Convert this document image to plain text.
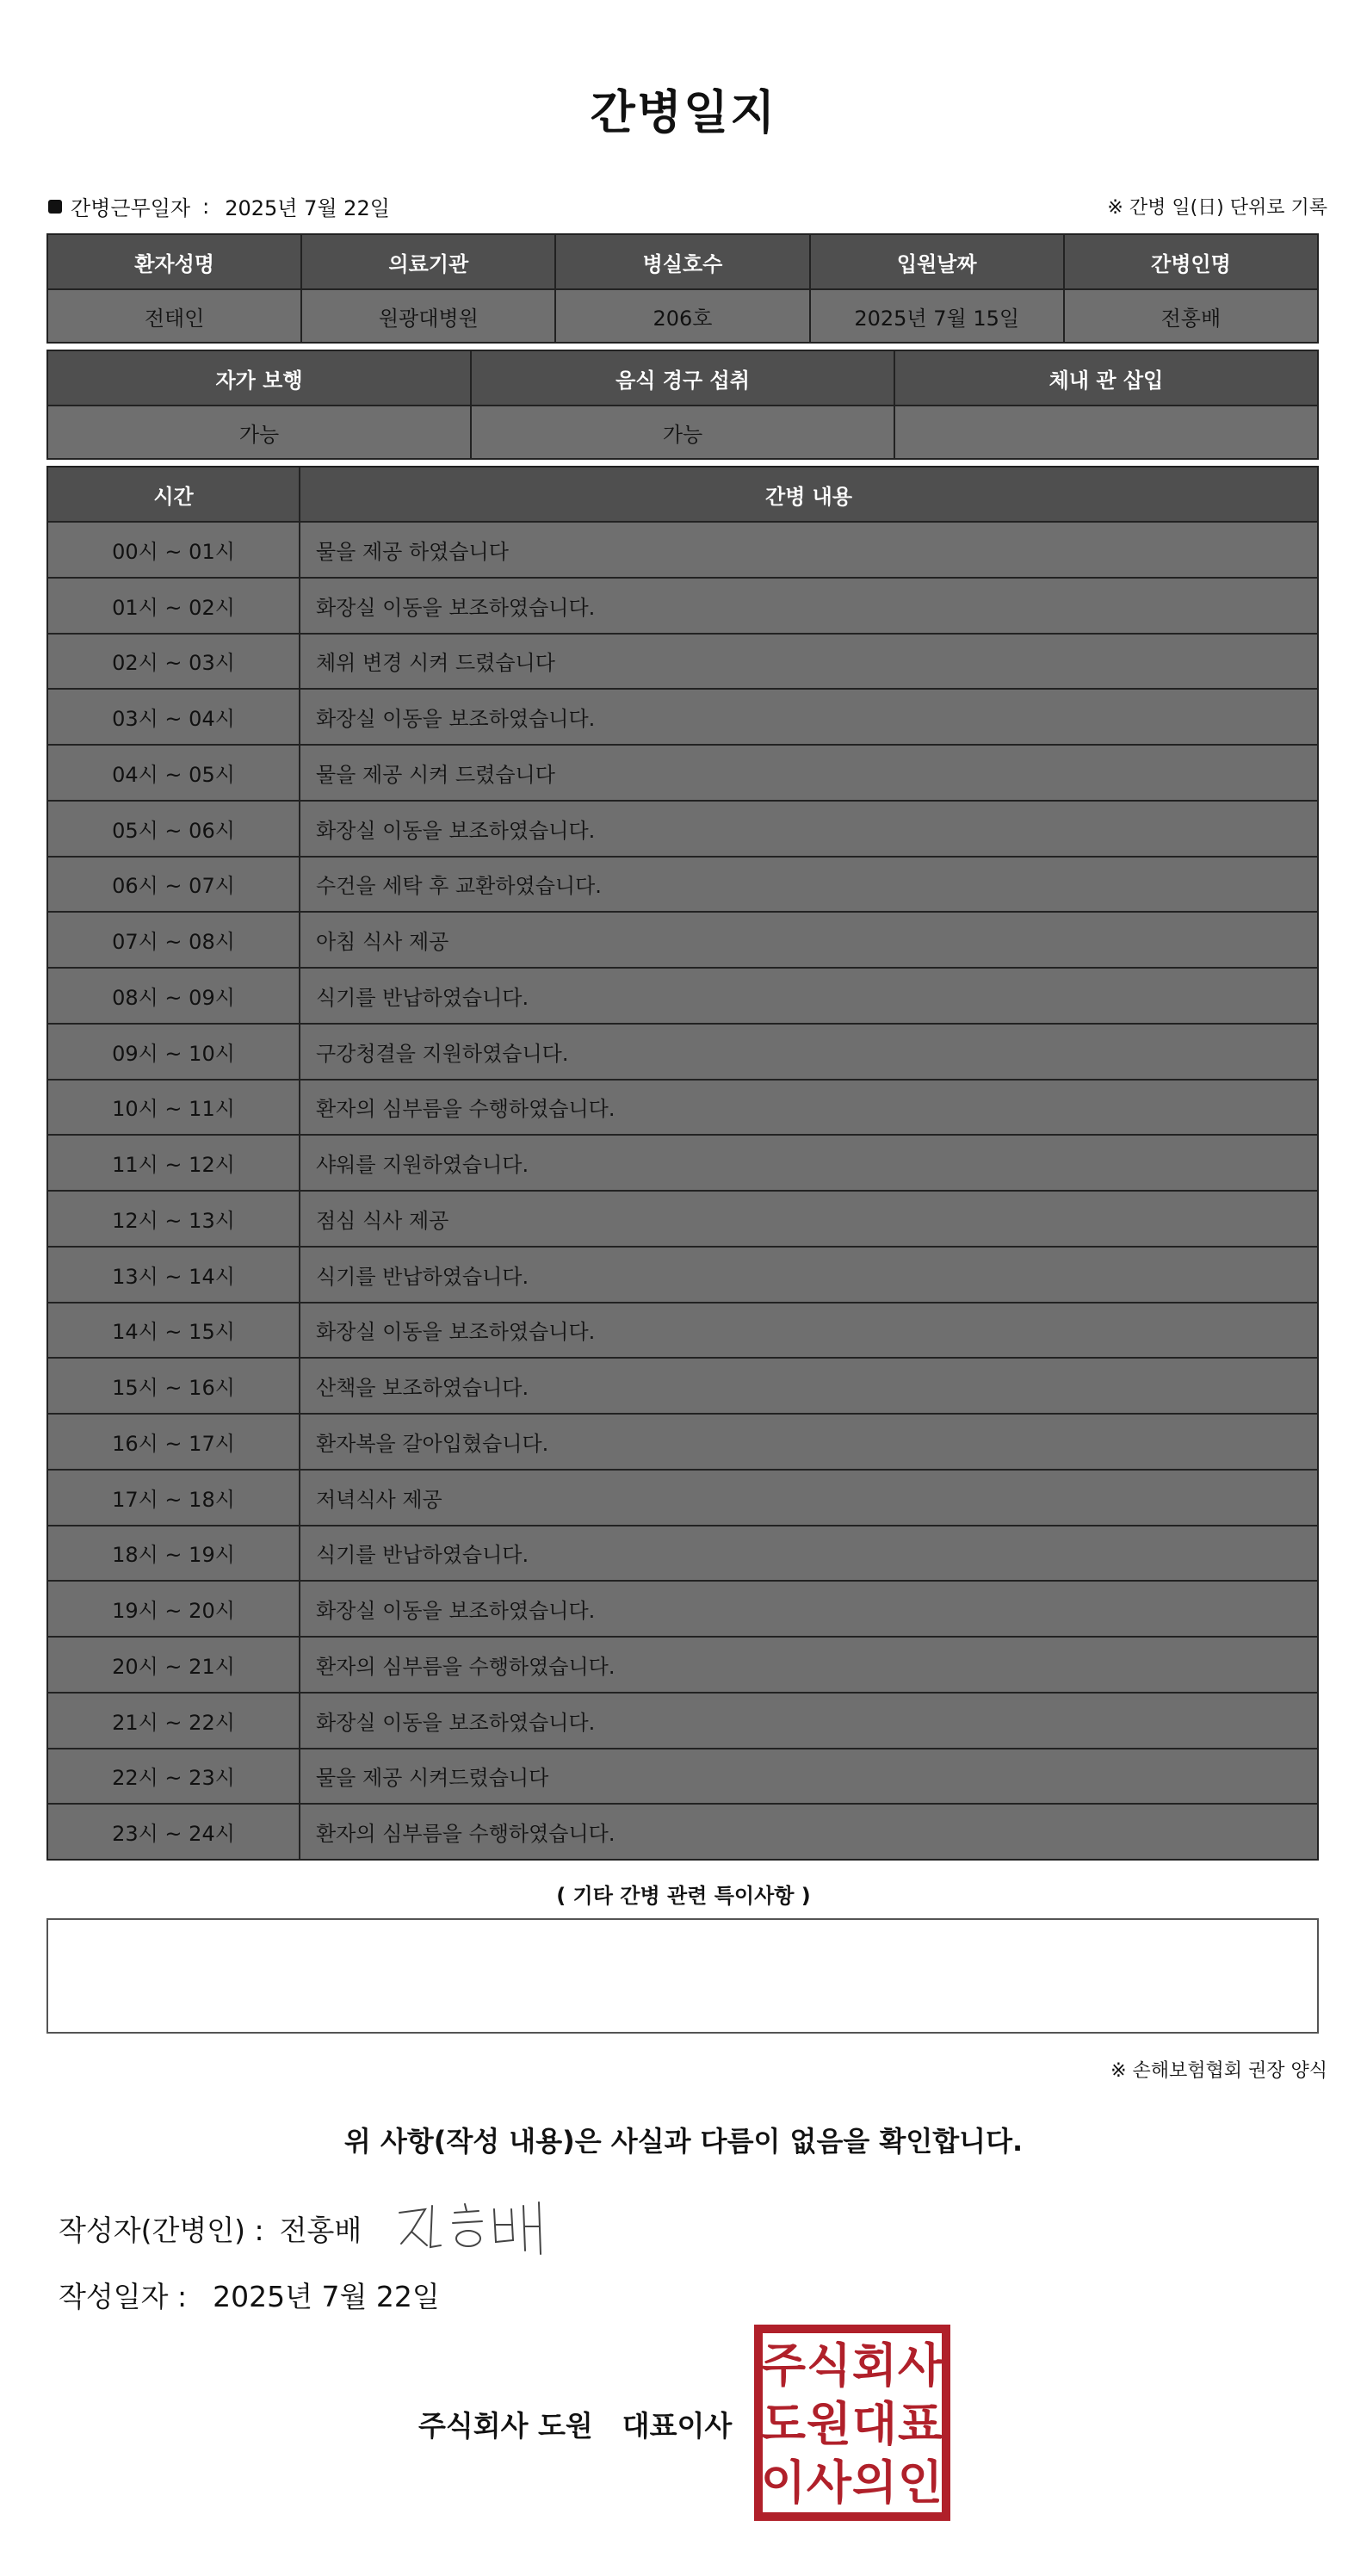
간병일지
간병근무일자 : 2025년 7월 22일	※ 간병 일(日) 단위로 기록
환자성명	의료기관	병실호수	입원날짜	간병인명
전태인	원광대병원	206호	2025년 7월 15일	전홍배
자가 보행	음식 경구 섭취	체내 관 삽입
가능	가능
시간	간병 내용
00시 ~ 01시	물을 제공 하였습니다
01시 ~ 02시	화장실 이동을 보조하였습니다.
02시 ~ 03시	체위 변경 시켜 드렸습니다
03시 ~ 04시	화장실 이동을 보조하였습니다.
04시 ~ 05시	물을 제공 시켜 드렸습니다
05시 ~ 06시	화장실 이동을 보조하였습니다.
06시 ~ 07시	수건을 세탁 후 교환하였습니다.
07시 ~ 08시	아침 식사 제공
08시 ~ 09시	식기를 반납하였습니다.
09시 ~ 10시	구강청결을 지원하였습니다.
10시 ~ 11시	환자의 심부름을 수행하였습니다.
11시 ~ 12시	샤워를 지원하였습니다.
12시 ~ 13시	점심 식사 제공
13시 ~ 14시	식기를 반납하였습니다.
14시 ~ 15시	화장실 이동을 보조하였습니다.
15시 ~ 16시	산책을 보조하였습니다.
16시 ~ 17시	환자복을 갈아입혔습니다.
17시 ~ 18시	저녁식사 제공
18시 ~ 19시	식기를 반납하였습니다.
19시 ~ 20시	화장실 이동을 보조하였습니다.
20시 ~ 21시	환자의 심부름을 수행하였습니다.
21시 ~ 22시	화장실 이동을 보조하였습니다.
22시 ~ 23시	물을 제공 시켜드렸습니다
23시 ~ 24시	환자의 심부름을 수행하였습니다.
( 기타 간병 관련 특이사항 )
※ 손해보험협회 권장 양식
위 사항(작성 내용)은 사실과 다름이 없음을 확인합니다.
작성자(간병인) : 전홍배
작성일자 : 2025년 7월 22일
주식회사 도원 대표이사
주 식 회 사
도 원 대 표
이 사 의 인
